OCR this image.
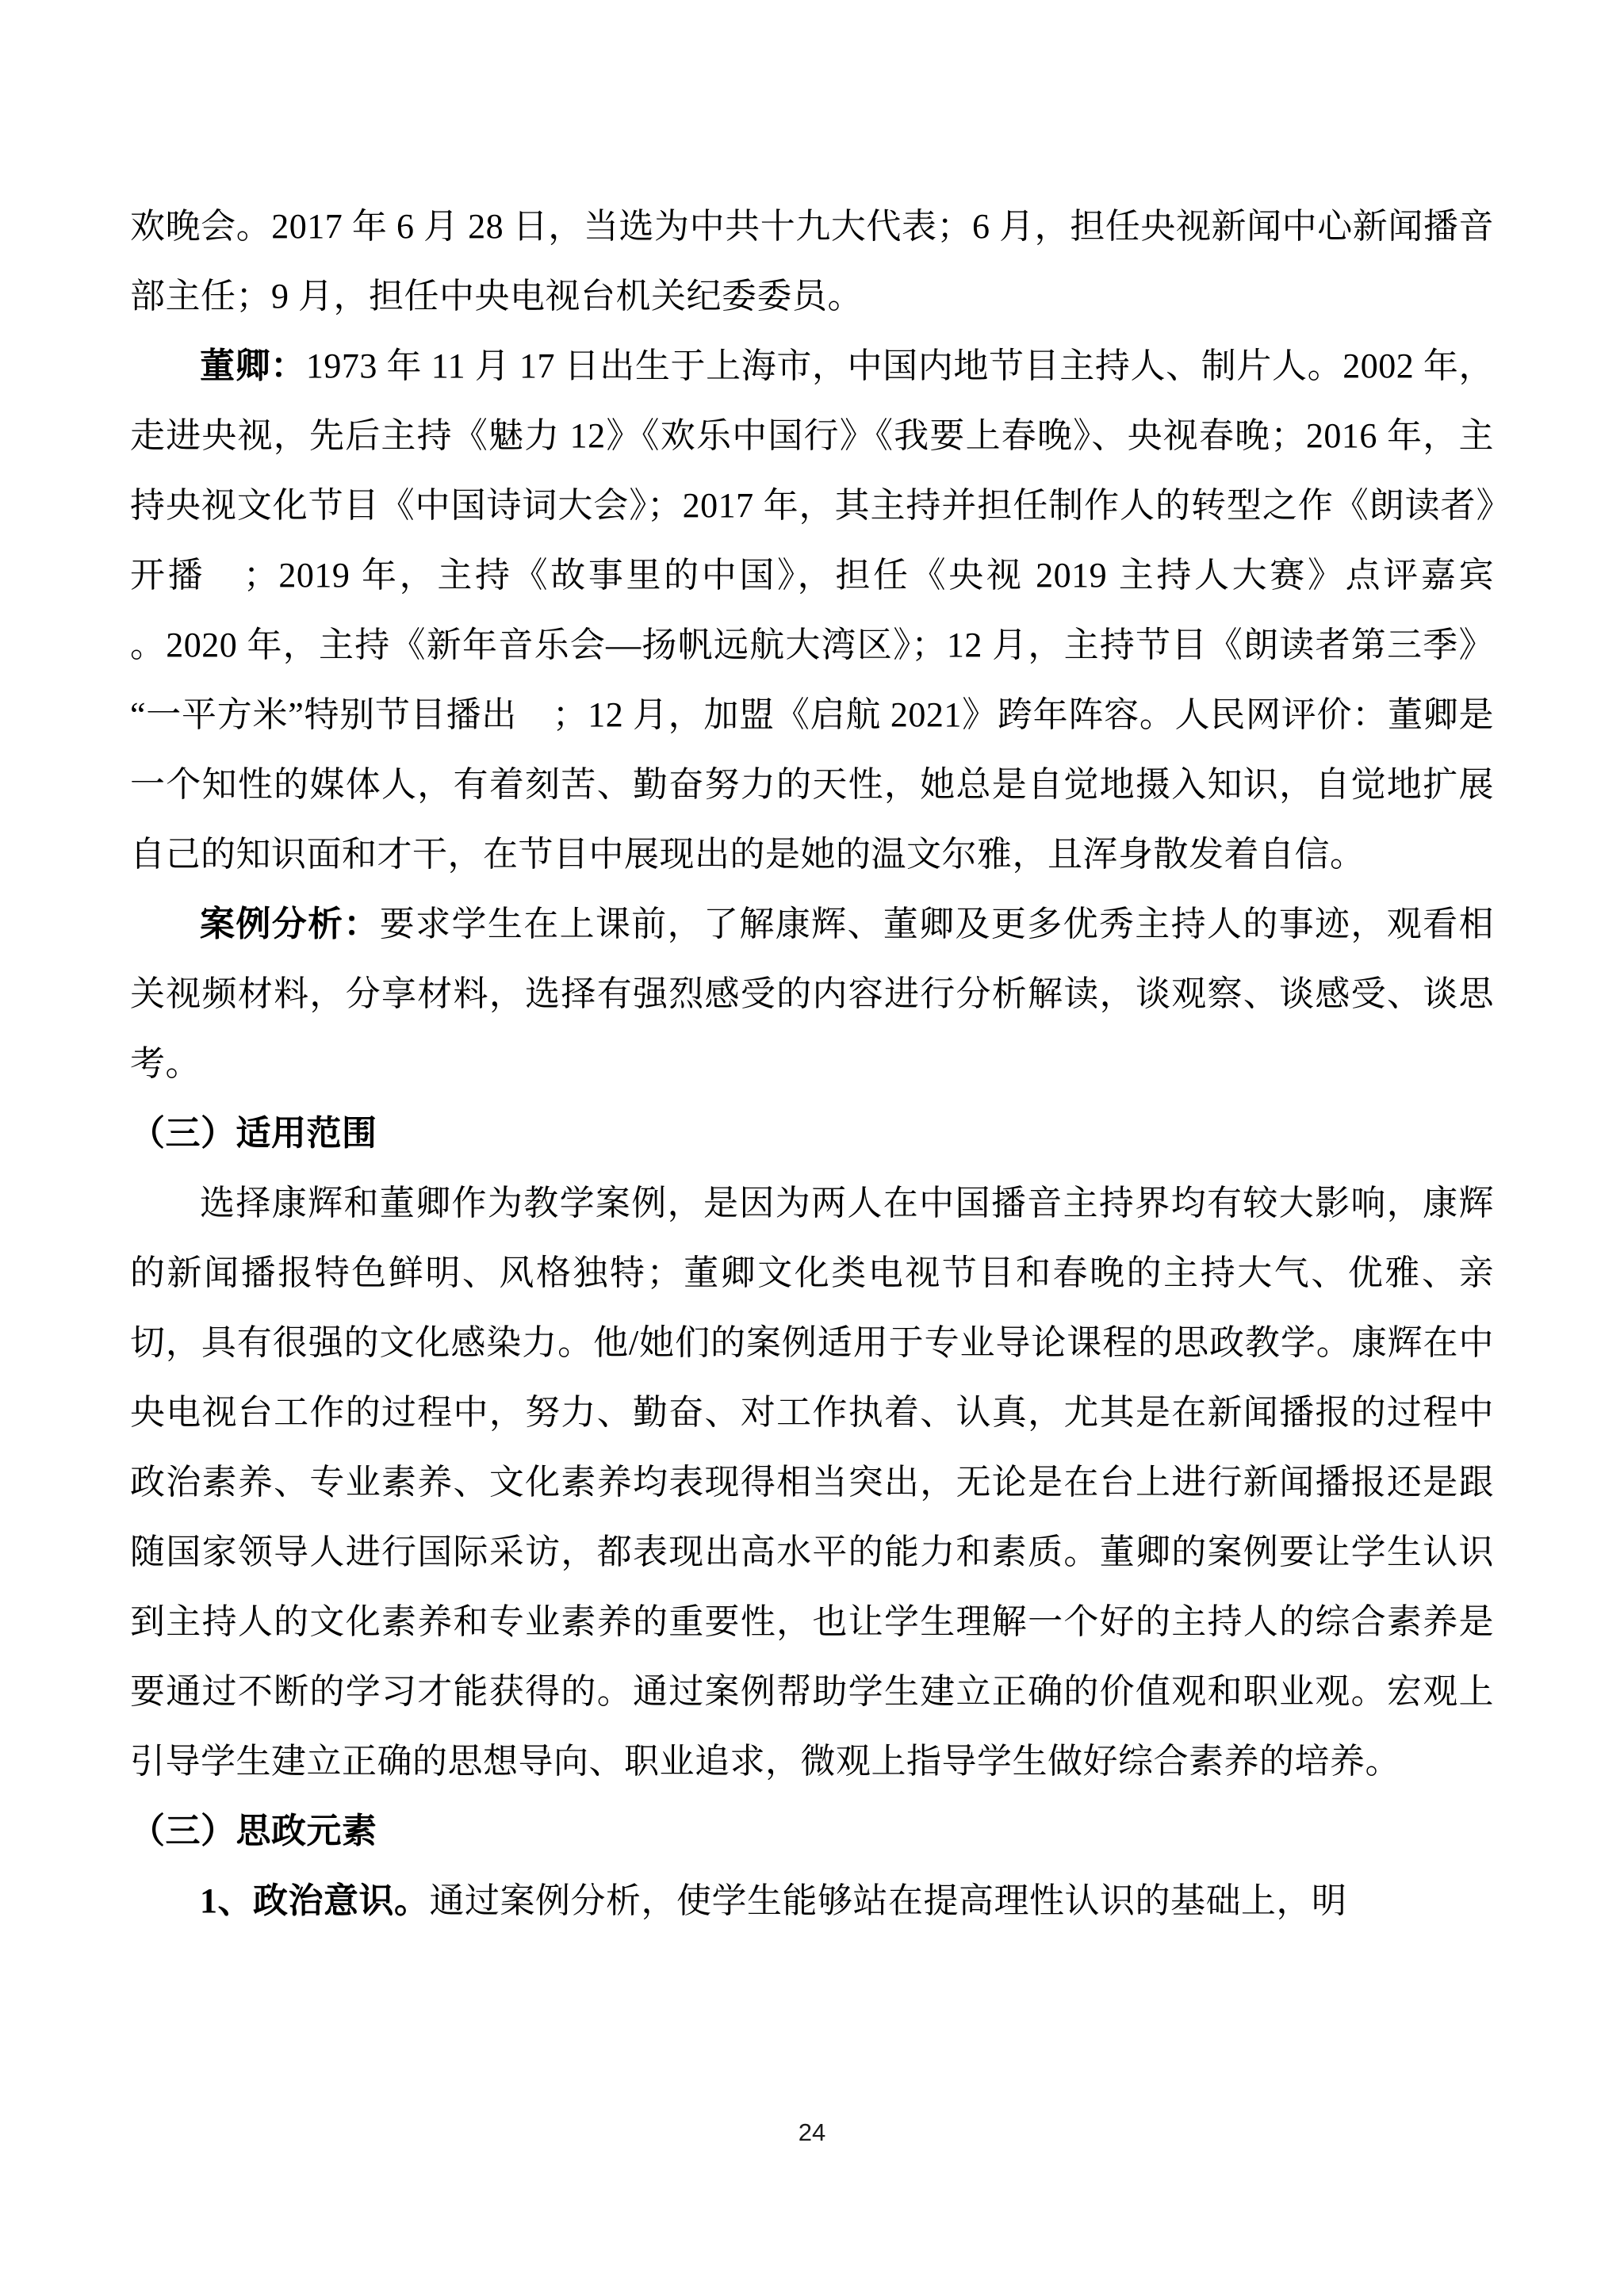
欢晚会。2017 年 6 月 28 日，当选为中共十九大代表；6 月，担任央视新闻中心新闻播音部主任；9 月，担任中央电视台机关纪委委员。

董卿：1973 年 11 月 17 日出生于上海市，中国内地节目主持人、制片人。2002 年，走进央视，先后主持《魅力 12》《欢乐中国行》《我要上春晚》、央视春晚；2016 年，主持央视文化节目《中国诗词大会》；2017 年，其主持并担任制作人的转型之作《朗读者》开播　；2019 年，主持《故事里的中国》，担任《央视 2019 主持人大赛》点评嘉宾　　。2020 年，主持《新年音乐会—扬帆远航大湾区》；12 月，主持节目《朗读者第三季》“一平方米”特别节目播出　；12 月，加盟《启航 2021》跨年阵容。人民网评价：董卿是一个知性的媒体人，有着刻苦、勤奋努力的天性，她总是自觉地摄入知识，自觉地扩展自己的知识面和才干，在节目中展现出的是她的温文尔雅，且浑身散发着自信。

案例分析：要求学生在上课前，了解康辉、董卿及更多优秀主持人的事迹，观看相关视频材料，分享材料，选择有强烈感受的内容进行分析解读，谈观察、谈感受、谈思考。

（三）适用范围

选择康辉和董卿作为教学案例，是因为两人在中国播音主持界均有较大影响，康辉的新闻播报特色鲜明、风格独特；董卿文化类电视节目和春晚的主持大气、优雅、亲切，具有很强的文化感染力。他/她们的案例适用于专业导论课程的思政教学。康辉在中央电视台工作的过程中，努力、勤奋、对工作执着、认真，尤其是在新闻播报的过程中政治素养、专业素养、文化素养均表现得相当突出，无论是在台上进行新闻播报还是跟随国家领导人进行国际采访，都表现出高水平的能力和素质。董卿的案例要让学生认识到主持人的文化素养和专业素养的重要性，也让学生理解一个好的主持人的综合素养是要通过不断的学习才能获得的。通过案例帮助学生建立正确的价值观和职业观。宏观上引导学生建立正确的思想导向、职业追求，微观上指导学生做好综合素养的培养。

（三）思政元素

1、政治意识。通过案例分析，使学生能够站在提高理性认识的基础上，明

24
